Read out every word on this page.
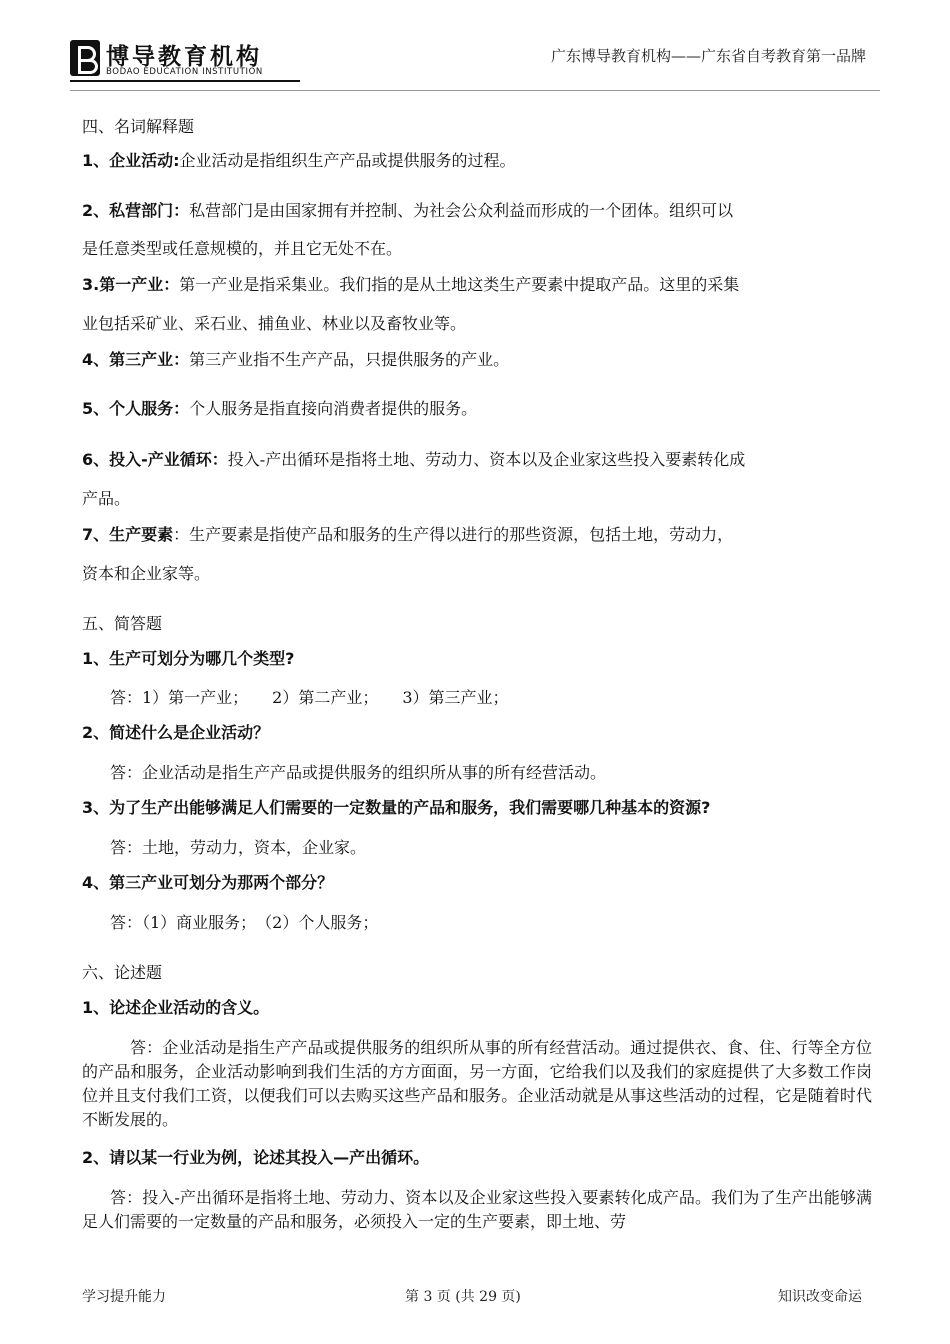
博导教育机构
BODAO EDUCATION INSTITUTION
广东博导教育机构——广东省自考教育第一品牌
四、名词解释题
1、企业活动:企业活动是指组织生产产品或提供服务的过程。
2、私营部门：私营部门是由国家拥有并控制、为社会公众利益而形成的一个团体。组织可以
是任意类型或任意规模的，并且它无处不在。
3.第一产业：第一产业是指采集业。我们指的是从土地这类生产要素中提取产品。这里的采集
业包括采矿业、采石业、捕鱼业、林业以及畜牧业等。
4、第三产业：第三产业指不生产产品，只提供服务的产业。
5、个人服务：个人服务是指直接向消费者提供的服务。
6、投入-产业循环：投入-产出循环是指将土地、劳动力、资本以及企业家这些投入要素转化成
产品。
7、生产要素：生产要素是指使产品和服务的生产得以进行的那些资源，包括土地，劳动力，
资本和企业家等。
五、简答题
1、生产可划分为哪几个类型?
答：1）第一产业；　　2）第二产业；　　3）第三产业；
2、简述什么是企业活动？
答：企业活动是指生产产品或提供服务的组织所从事的所有经营活动。
3、为了生产出能够满足人们需要的一定数量的产品和服务，我们需要哪几种基本的资源?
答：土地，劳动力，资本，企业家。
4、第三产业可划分为那两个部分？
答：（1）商业服务；　（2）个人服务；
六、论述题
1、论述企业活动的含义。
答：企业活动是指生产产品或提供服务的组织所从事的所有经营活动。通过提供衣、食、住、行等全方位的产品和服务，企业活动影响到我们生活的方方面面，另一方面，它给我们以及我们的家庭提供了大多数工作岗位并且支付我们工资，以便我们可以去购买这些产品和服务。企业活动就是从事这些活动的过程，它是随着时代不断发展的。
2、请以某一行业为例，论述其投入—产出循环。
答：投入-产出循环是指将土地、劳动力、资本以及企业家这些投入要素转化成产品。我们为了生产出能够满足人们需要的一定数量的产品和服务，必须投入一定的生产要素，即土地、劳
学习提升能力	第 3 页 (共 29 页)	知识改变命运
